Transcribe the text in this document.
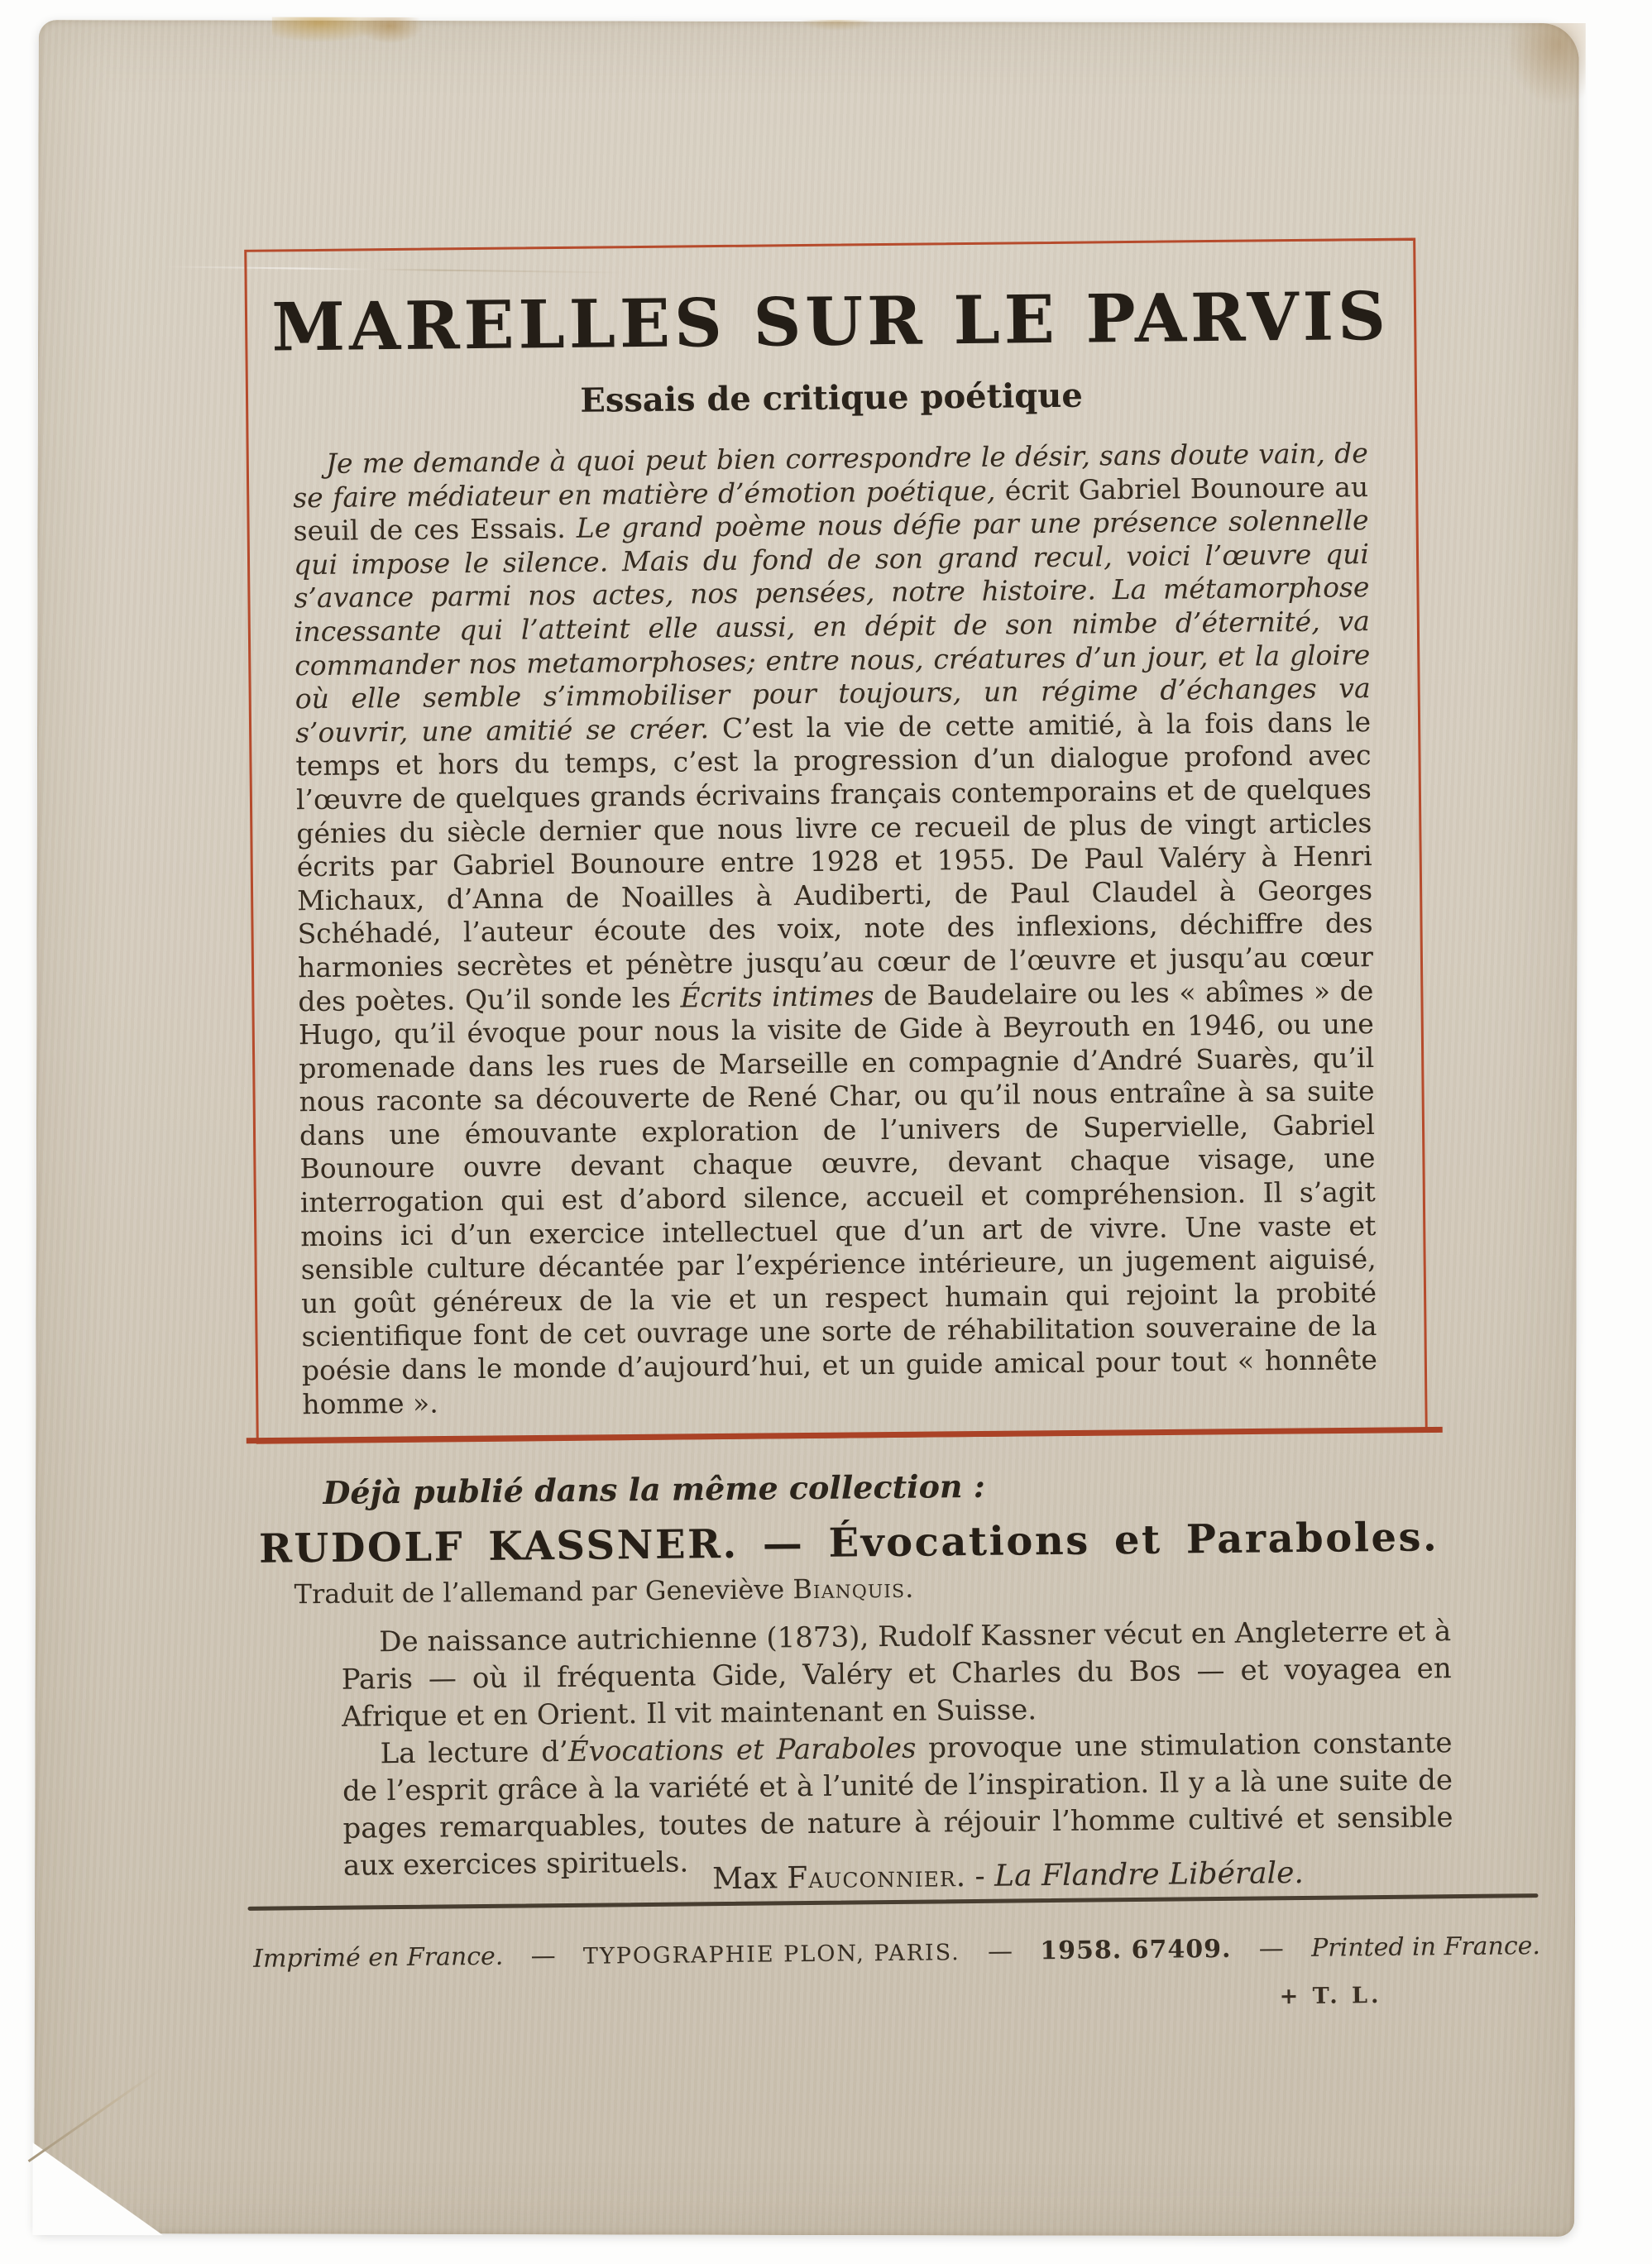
MARELLES SUR LE PARVIS
Essais de critique poétique

Je me demande à quoi peut bien correspondre le désir, sans doute vain, de se faire médiateur en matière d’émotion poétique, écrit Gabriel Bounoure au seuil de ces Essais. Le grand poème nous défie par une présence solennelle qui impose le silence. Mais du fond de son grand recul, voici l’œuvre qui s’avance parmi nos actes, nos pensées, notre histoire. La métamorphose incessante qui l’atteint elle aussi, en dépit de son nimbe d’éternité, va commander nos metamorphoses; entre nous, créatures d’un jour, et la gloire où elle semble s’immobiliser pour toujours, un régime d’échanges va s’ouvrir, une amitié se créer. C’est la vie de cette amitié, à la fois dans le temps et hors du temps, c’est la progression d’un dialogue profond avec l’œuvre de quelques grands écrivains français contemporains et de quelques génies du siècle dernier que nous livre ce recueil de plus de vingt articles écrits par Gabriel Bounoure entre 1928 et 1955. De Paul Valéry à Henri Michaux, d’Anna de Noailles à Audiberti, de Paul Claudel à Georges Schéhadé, l’auteur écoute des voix, note des inflexions, déchiffre des harmonies secrètes et pénètre jusqu’au cœur de l’œuvre et jusqu’au cœur des poètes. Qu’il sonde les Écrits intimes de Baudelaire ou les « abîmes » de Hugo, qu’il évoque pour nous la visite de Gide à Beyrouth en 1946, ou une promenade dans les rues de Marseille en compagnie d’André Suarès, qu’il nous raconte sa découverte de René Char, ou qu’il nous entraîne à sa suite dans une émouvante exploration de l’univers de Supervielle, Gabriel Bounoure ouvre devant chaque œuvre, devant chaque visage, une interrogation qui est d’abord silence, accueil et compréhension. Il s’agit moins ici d’un exercice intellectuel que d’un art de vivre. Une vaste et sensible culture décantée par l’expérience intérieure, un jugement aiguisé, un goût généreux de la vie et un respect humain qui rejoint la probité scientifique font de cet ouvrage une sorte de réhabilitation souveraine de la poésie dans le monde d’aujourd’hui, et un guide amical pour tout « honnête homme ».

Déjà publié dans la même collection :
RUDOLF KASSNER. — Évocations et Paraboles.
Traduit de l’allemand par Geneviève Bianquis.

De naissance autrichienne (1873), Rudolf Kassner vécut en Angleterre et à Paris — où il fréquenta Gide, Valéry et Charles du Bos — et voyagea en Afrique et en Orient. Il vit maintenant en Suisse.

La lecture d’Évocations et Paraboles provoque une stimulation constante de l’esprit grâce à la variété et à l’unité de l’inspiration. Il y a là une suite de pages remarquables, toutes de nature à réjouir l’homme cultivé et sensible aux exercices spirituels. Max Fauconnier. - La Flandre Libérale.
Imprimé en France. — TYPOGRAPHIE PLON, PARIS. — 1958. 67409. — Printed in France.
+ T. L.
